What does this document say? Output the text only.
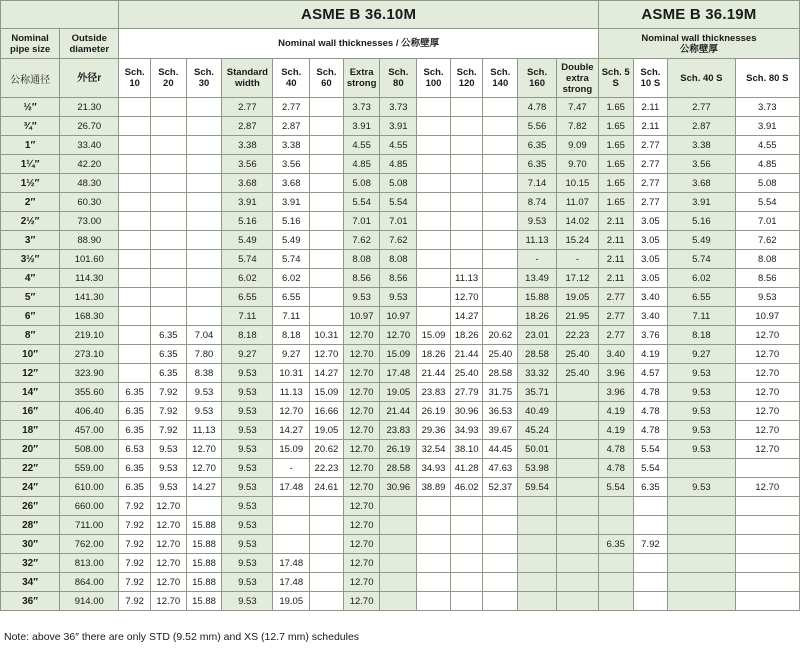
		ASME B 36.10M													ASME B 36.19M			
Nominal pipe size	Outside diameter	Nominal wall thicknesses / 公称壁厚													Nominal wall thicknesses
公称壁厚			

公称通径	外径r	Sch. 10	Sch. 20	Sch. 30	Standard width	Sch. 40	Sch. 60	Extra strong	Sch. 80	Sch. 100	Sch. 120	Sch. 140	Sch. 160	Double extra strong	Sch. 5 S	Sch. 10 S	Sch. 40 S	Sch. 80 S
½″	21.30				2.77	2.77		3.73	3.73				4.78	7.47	1.65	2.11	2.77	3.73
¾″	26.70				2.87	2.87		3.91	3.91				5.56	7.82	1.65	2.11	2.87	3.91
1″	33.40				3.38	3.38		4.55	4.55				6.35	9.09	1.65	2.77	3.38	4.55
1¼″	42.20				3.56	3.56		4.85	4.85				6.35	9.70	1.65	2.77	3.56	4.85
1½″	48.30				3.68	3.68		5.08	5.08				7.14	10.15	1.65	2.77	3.68	5.08
2″	60.30				3.91	3.91		5.54	5.54				8.74	11.07	1.65	2.77	3.91	5.54
2½″	73.00				5.16	5.16		7.01	7.01				9.53	14.02	2.11	3.05	5.16	7.01
3″	88.90				5.49	5.49		7.62	7.62				11.13	15.24	2.11	3.05	5.49	7.62
3½″	101.60				5.74	5.74		8.08	8.08				-	-	2.11	3.05	5.74	8.08
4″	114.30				6.02	6.02		8.56	8.56		11.13		13.49	17.12	2.11	3.05	6.02	8.56
5″	141.30				6.55	6.55		9.53	9.53		12.70		15.88	19.05	2.77	3.40	6.55	9.53
6″	168.30				7.11	7.11		10.97	10.97		14.27		18.26	21.95	2.77	3.40	7.11	10.97
8″	219.10		6.35	7.04	8.18	8.18	10.31	12.70	12.70	15.09	18.26	20.62	23.01	22.23	2.77	3.76	8.18	12.70
10″	273.10		6.35	7.80	9.27	9.27	12.70	12.70	15.09	18.26	21.44	25.40	28.58	25.40	3.40	4.19	9.27	12.70
12″	323.90		6.35	8.38	9.53	10.31	14.27	12.70	17.48	21.44	25.40	28.58	33.32	25.40	3.96	4.57	9.53	12.70
14″	355.60	6.35	7.92	9.53	9.53	11.13	15.09	12.70	19.05	23.83	27.79	31.75	35.71		3.96	4.78	9.53	12.70
16″	406.40	6.35	7.92	9.53	9.53	12.70	16.66	12.70	21.44	26.19	30.96	36.53	40.49		4.19	4.78	9.53	12.70
18″	457.00	6.35	7.92	11.13	9.53	14.27	19.05	12.70	23.83	29.36	34.93	39.67	45.24		4.19	4.78	9.53	12.70
20″	508.00	6.53	9.53	12.70	9.53	15.09	20.62	12.70	26.19	32.54	38.10	44.45	50.01		4.78	5.54	9.53	12.70
22″	559.00	6.35	9.53	12.70	9.53	-	22.23	12.70	28.58	34.93	41.28	47.63	53.98		4.78	5.54		
24″	610.00	6.35	9.53	14.27	9.53	17.48	24.61	12.70	30.96	38.89	46.02	52.37	59.54		5.54	6.35	9.53	12.70
26″	660.00	7.92	12.70		9.53			12.70										
28″	711.00	7.92	12.70	15.88	9.53			12.70										
30″	762.00	7.92	12.70	15.88	9.53			12.70							6.35	7.92		
32″	813.00	7.92	12.70	15.88	9.53	17.48		12.70										
34″	864.00	7.92	12.70	15.88	9.53	17.48		12.70										
36″	914.00	7.92	12.70	15.88	9.53	19.05		12.70										
Note: above 36″ there are only STD (9.52 mm) and XS (12.7 mm) schedules
